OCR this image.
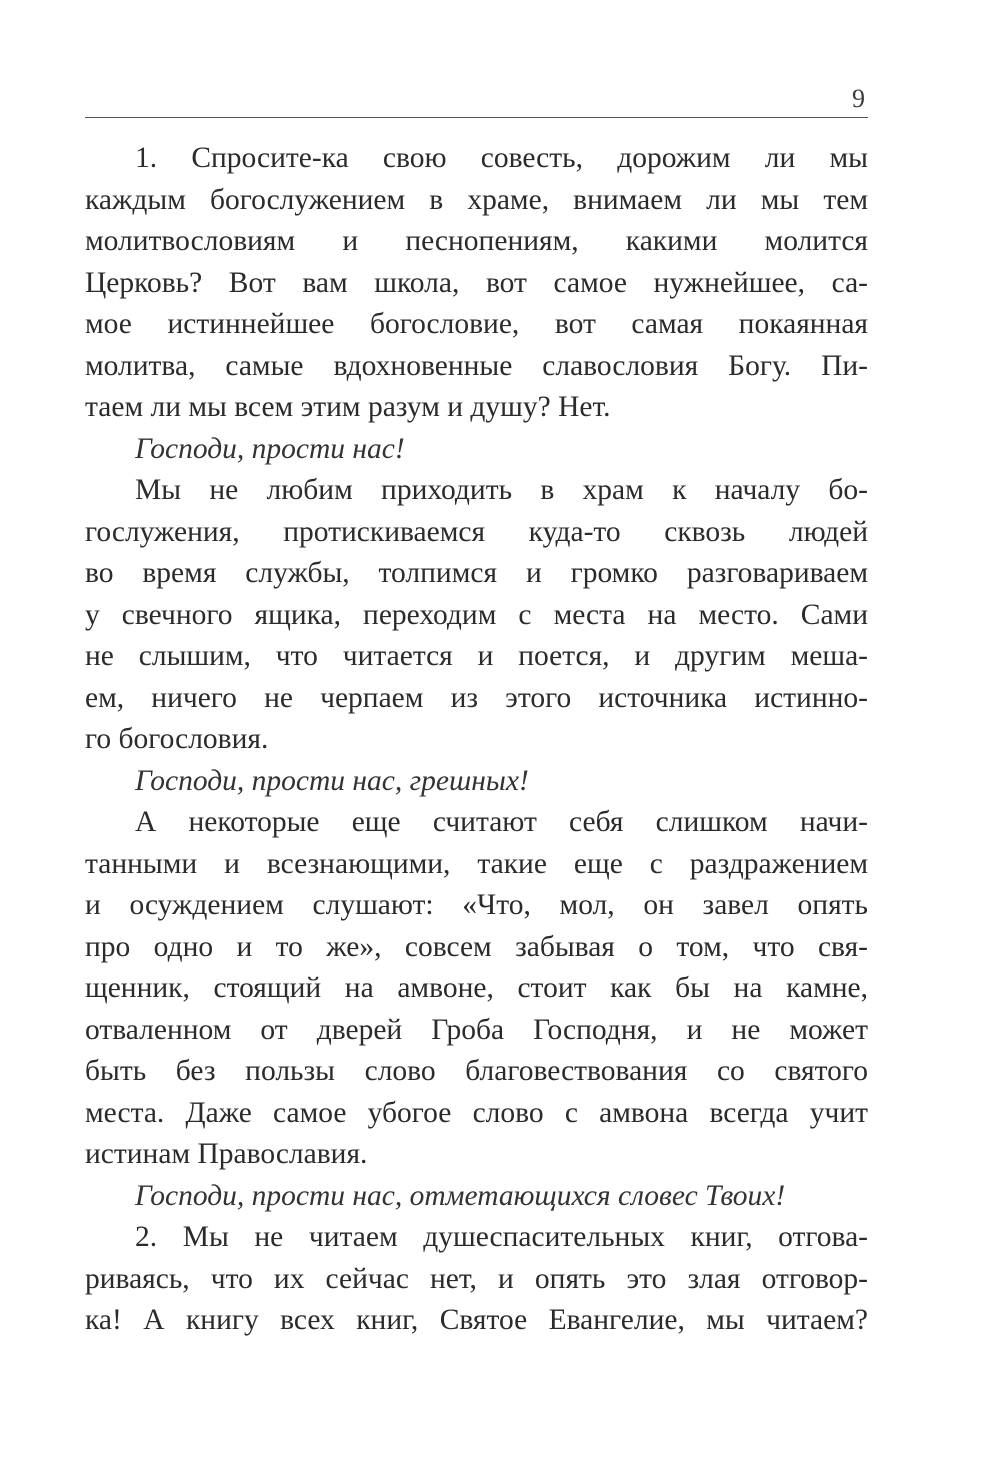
9
1. Спросите-ка свою совесть, дорожим ли мы
каждым богослужением в храме, внимаем ли мы тем
молитвословиям и песнопениям, какими молится
Церковь? Вот вам школа, вот самое нужнейшее, са-
мое истиннейшее богословие, вот самая покаянная
молитва, самые вдохновенные славословия Богу. Пи-
таем ли мы всем этим разум и душу? Нет.
Господи, прости нас!
Мы не любим приходить в храм к началу бо-
гослужения, протискиваемся куда-то сквозь людей
во время службы, толпимся и громко разговариваем
у свечного ящика, переходим с места на место. Сами
не слышим, что читается и поется, и другим меша-
ем, ничего не черпаем из этого источника истинно-
го богословия.
Господи, прости нас, грешных!
А некоторые еще считают себя слишком начи-
танными и всезнающими, такие еще с раздражением
и осуждением слушают: «Что, мол, он завел опять
про одно и то же», совсем забывая о том, что свя-
щенник, стоящий на амвоне, стоит как бы на камне,
отваленном от дверей Гроба Господня, и не может
быть без пользы слово благовествования со святого
места. Даже самое убогое слово с амвона всегда учит
истинам Православия.
Господи, прости нас, отметающихся словес Твоих!
2. Мы не читаем душеспасительных книг, отгова-
риваясь, что их сейчас нет, и опять это злая отговор-
ка! А книгу всех книг, Святое Евангелие, мы читаем?
